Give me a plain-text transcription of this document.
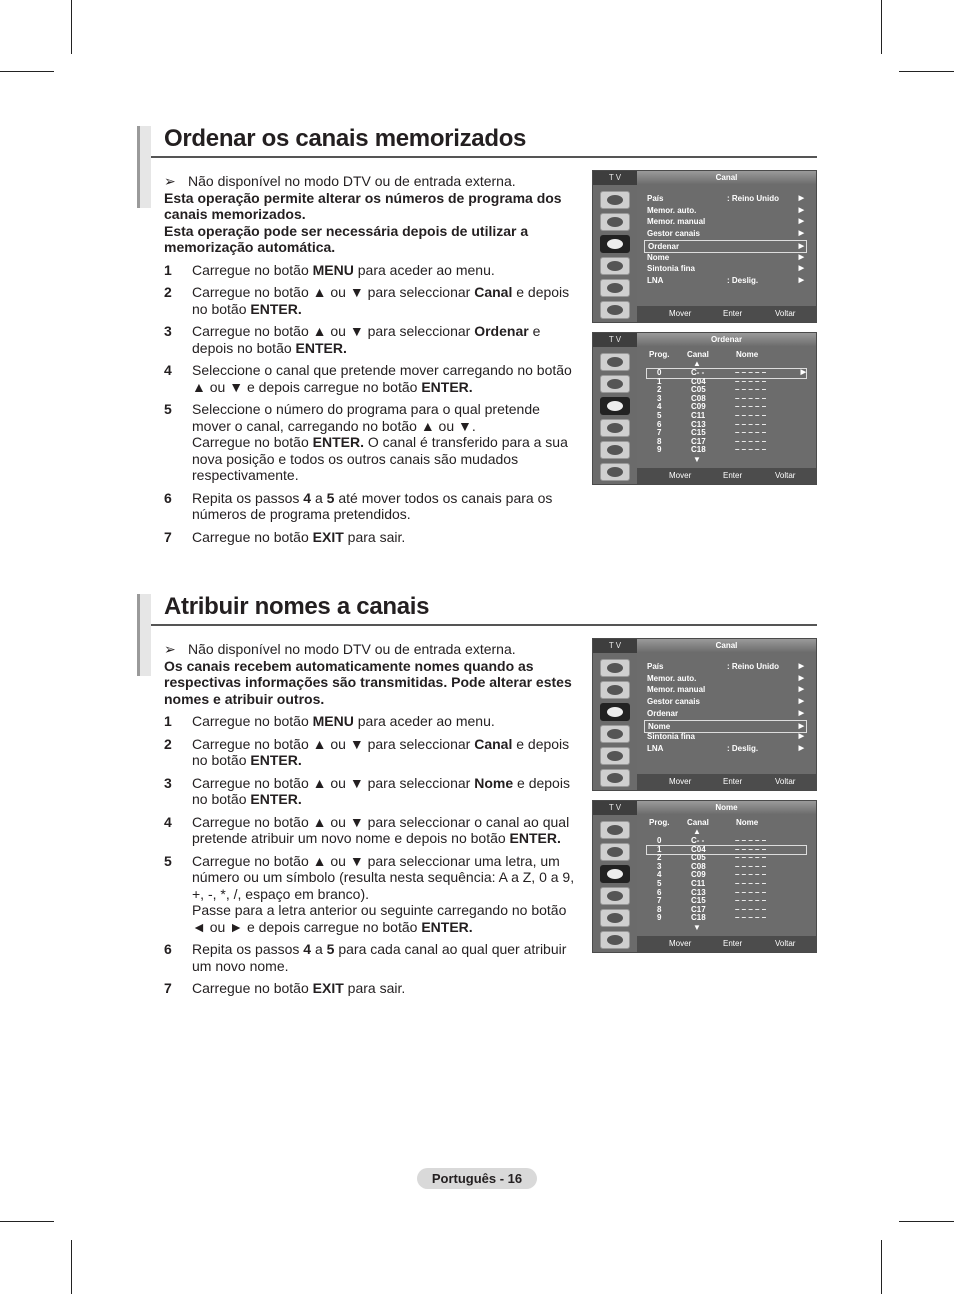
Ordenar os canais memorizados

➢ Não disponível no modo DTV ou de entrada externa.

Esta operação permite alterar os números de programa dos canais memorizados.

Esta operação pode ser necessária depois de utilizar a memorização automática.

1	Carregue no botão MENU para aceder ao menu.
2	Carregue no botão ▲ ou ▼ para seleccionar Canal e depois no botão ENTER.
3	Carregue no botão ▲ ou ▼ para seleccionar Ordenar e depois no botão ENTER.
4	Seleccione o canal que pretende mover carregando no botão ▲ ou ▼ e depois carregue no botão ENTER.
5	Seleccione o número do programa para o qual pretende mover o canal, carregando no botão ▲ ou ▼.
Carregue no botão ENTER. O canal é transferido para a sua nova posição e todos os outros canais são mudados respectivamente.
6	Repita os passos 4 a 5 até mover todos os canais para os números de programa pretendidos.
7	Carregue no botão EXIT para sair.
T V	Canal
País	: Reino Unido	▶
Memor. auto.	▶
Memor. manual	▶
Gestor canais	▶
Ordenar	▶
Nome	▶
Sintonia fina	▶
LNA	: Deslig.	▶
Mover	Enter	Voltar
T V	Ordenar
Prog. Canal	Nome
▲
0	C- -	– – – – –	▶
1	C04	– – – – –
2	C05	– – – – –
3	C08	– – – – –
4	C09	– – – – –
5	C11	– – – – –
6	C13	– – – – –
7	C15	– – – – –
8	C17	– – – – –
9	C18	– – – – –
▼
Mover	Enter	Voltar
Atribuir nomes a canais

➢ Não disponível no modo DTV ou de entrada externa.

Os canais recebem automaticamente nomes quando as respectivas informações são transmitidas. Pode alterar estes nomes e atribuir outros.

1	Carregue no botão MENU para aceder ao menu.
2	Carregue no botão ▲ ou ▼ para seleccionar Canal e depois no botão ENTER.
3	Carregue no botão ▲ ou ▼ para seleccionar Nome e depois no botão ENTER.
4	Carregue no botão ▲ ou ▼ para seleccionar o canal ao qual pretende atribuir um novo nome e depois no botão ENTER.
5	Carregue no botão ▲ ou ▼ para seleccionar uma letra, um número ou um símbolo (resulta nesta sequência: A a Z, 0 a 9, +, -, *, /, espaço em branco).
Passe para a letra anterior ou seguinte carregando no botão ◄ ou ► e depois carregue no botão ENTER.
6	Repita os passos 4 a 5 para cada canal ao qual quer atribuir um novo nome.
7	Carregue no botão EXIT para sair.
T V	Canal
País	: Reino Unido	▶
Memor. auto.	▶
Memor. manual	▶
Gestor canais	▶
Ordenar	▶
Nome	▶
Sintonia fina	▶
LNA	: Deslig.	▶
Mover	Enter	Voltar
T V	Nome
Prog. Canal	Nome
▲
0	C- -	– – – – –
1	C04	– – – – –
2	C05	– – – – –
3	C08	– – – – –
4	C09	– – – – –
5	C11	– – – – –
6	C13	– – – – –
7	C15	– – – – –
8	C17	– – – – –
9	C18	– – – – –
▼
Mover	Enter	Voltar
Português - 16
